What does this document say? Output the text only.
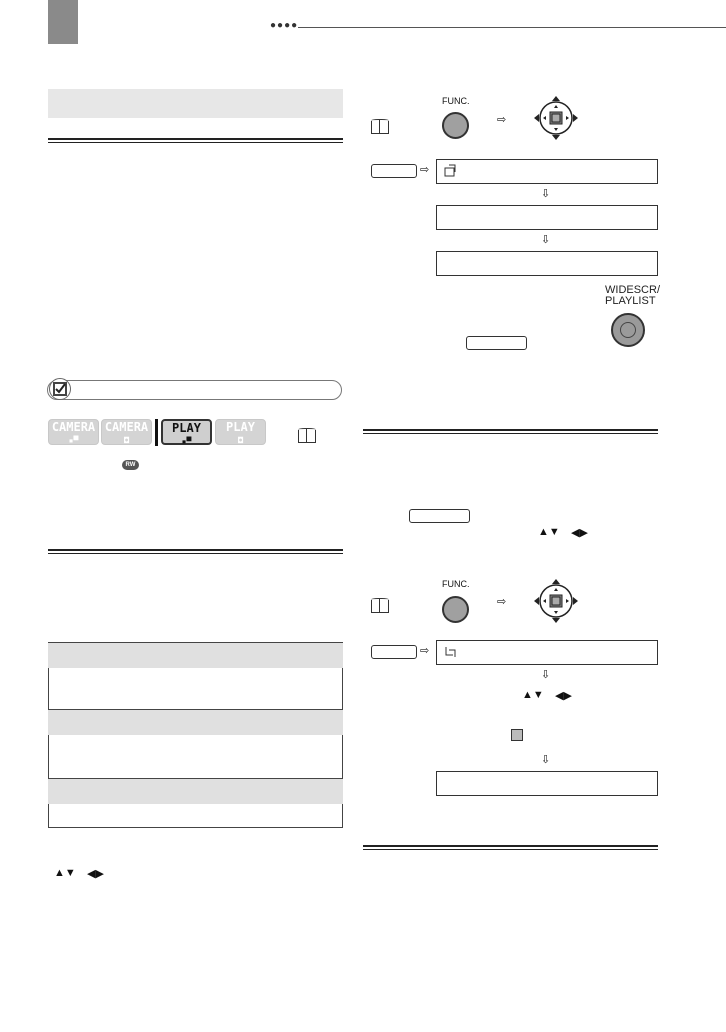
●●●●
CAMERA
▪▀
CAMERA
◘
PLAY
▪▀
PLAY
◘
RW
▲▼ ◀▶
FUNC.
⇨
⇨
⇩
⇩
WIDESCR/
PLAYLIST
▲▼ ◀▶
FUNC.
⇨
⇨
⇩
▲▼ ◀▶
⇩
